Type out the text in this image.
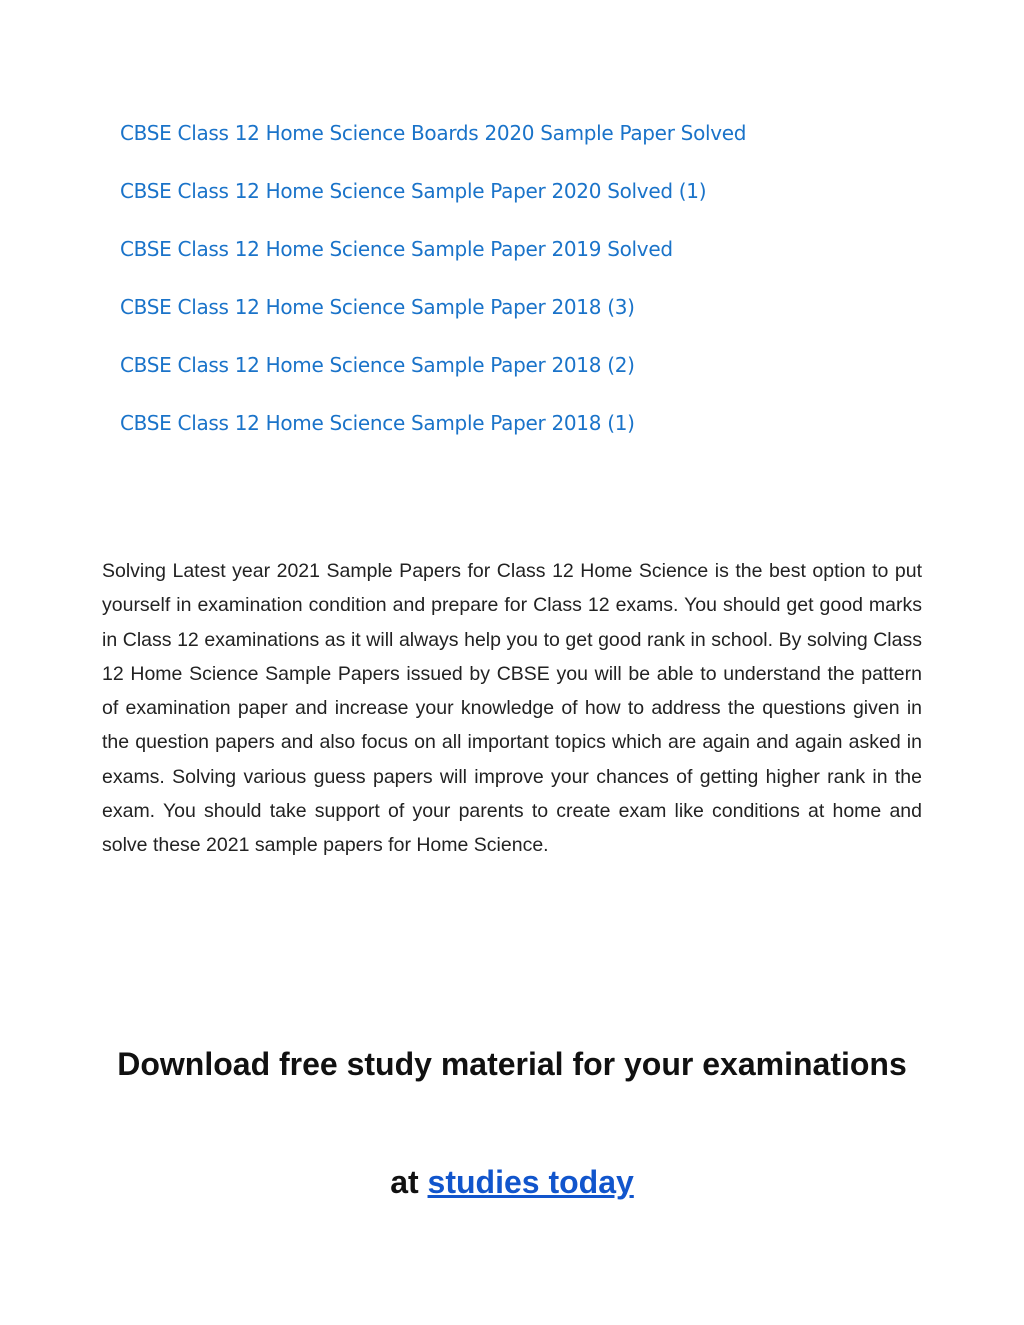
CBSE Class 12 Home Science Boards 2020 Sample Paper Solved
CBSE Class 12 Home Science Sample Paper 2020 Solved (1)
CBSE Class 12 Home Science Sample Paper 2019 Solved
CBSE Class 12 Home Science Sample Paper 2018 (3)
CBSE Class 12 Home Science Sample Paper 2018 (2)
CBSE Class 12 Home Science Sample Paper 2018 (1)

Solving Latest year 2021 Sample Papers for Class 12 Home Science is the best option to put yourself in examination condition and prepare for Class 12 exams. You should get good marks in Class 12 examinations as it will always help you to get good rank in school. By solving Class 12 Home Science Sample Papers issued by CBSE you will be able to understand the pattern of examination paper and increase your knowledge of how to address the questions given in the question papers and also focus on all important topics which are again and again asked in exams. Solving various guess papers will improve your chances of getting higher rank in the exam. You should take support of your parents to create exam like conditions at home and solve these 2021 sample papers for Home Science.

Download free study material for your examinations
at studies today
